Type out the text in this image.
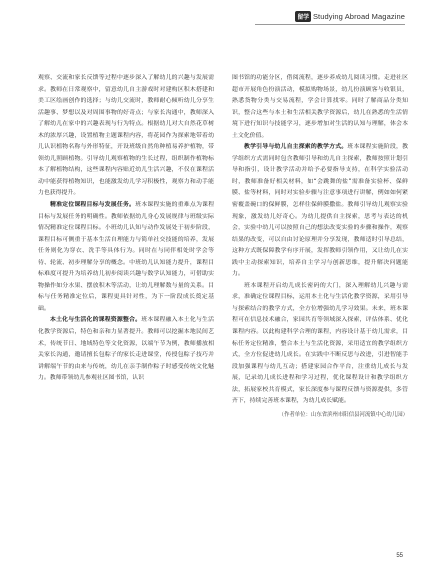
留学 Studying Abroad Magazine

观察、交流和家长反馈等过程中逐步深入了解幼儿的兴趣与发展需求。教师在日常观察中，留意幼儿自主游戏时对建构区积木搭建和美工区绘画创作的选择；与幼儿交流时，教师耐心倾听幼儿分享生活趣事、梦想以及对周围事物的好奇点；与家长沟通中，教师深入了解幼儿在家中的兴趣表现与行为特点。根据幼儿对大自然花草树木的浓厚兴趣，设置植物主题课程内容，将花园作为探索地带着幼儿认识植物名称与外形特征，开设班级自然角种植易养护植物，带领幼儿照顾植物。引导幼儿观察植物的生长过程，组织制作植物标本了解植物结构，这些课程内容贴近幼儿生活兴趣，不仅在课程活动中能获得植物知识，也能激发幼儿学习积极性，观察力和动手能力也获得提升。

精准定位课程目标与发展任务。班本课程实施的重难点为课程目标与发展任务的明确性。教师依据幼儿身心发展规律与班级实际情况精准定位课程目标。小班幼儿认知与动作发展处于初步阶段，课程目标可侧重于基本生活自理能力与简单社交技能的培养，发展任务则化为穿衣、洗手等具体行为。同时在与同伴相处时学会等待、轮流、初步理解分享的概念。中班幼儿认知能力提升，课程目标难度可提升为培养幼儿初步阅读兴趣与数学认知能力，可借助实物操作如分水果、摆放积木等活动，让幼儿理解数与量的关系。目标与任务精准定位后，课程更具针对性，为下一阶段成长奠定基础。

本土化与生活化的课程资源整合。班本课程融入本土化与生活化教学资源后，特色和亲和力显著提升。教师可以挖掘本地民间艺术，传统节日、地域特色等文化资源，以端午节为例，教师播放相关家长沟通，邀请擅长包粽子的家长走进课堂，传授包粽子技巧并讲解端午节的由来与传统，幼儿在亲手制作粽子时感受传统文化魅力。教师带领幼儿参观社区图书馆，认识

图书馆的功能分区，借阅流程，逐步养成幼儿阅读习惯。走进社区超市开展角色扮演活动，模拟购物场景，幼儿扮演顾客与收银员，熟悉货物分类与交易流程，学会计算找零。同时了解商品分类知识，整合这些与本土和生活相关教学资源后，幼儿在熟悉的生活情境下进行知识与技能学习，逐步增加对生活的认知与理解，体会本土文化价值。

教学引导与幼儿自主探索的教学方式。班本课程实施阶段，教学组织方式需同时包含教师引导和幼儿自主探索，教师按照计划引导和指引，设计教学活动并给予必要指导支持，在科学实验活动时，教师准备好相关材料，如“会跳舞的盐”需准备实验杯、保鲜膜、盐等材料，同时对实验步骤与注意事项进行讲解，例如如何紧密覆盖碗口的保鲜膜，怎样往保鲜膜撒盐。教师引导幼儿观察实验现象，激发幼儿好奇心。为幼儿提供自主探索，思考与表达的机会，实验中幼儿可以按照自己的想法改变实验的步骤和操作，观察结果的改变，可以自由讨论原理并分享发现，教师适时引导总结，这种方式既保障教学有序开展，发挥教师引领作用，又让幼儿在实践中主动探索知识，培养自主学习与创新思维，提升解决问题能力。

班本课程开启幼儿成长密码的大门，深入理解幼儿兴趣与需求，准确定位课程目标，运用本土化与生活化教学资源，采用引导与探索结合的教学方式，全方位增强幼儿学习效果。未来，班本课程可在信息技术融合，家园共育等领域深入探索，评估体系、优化课程内容。以此构建科学合理的课程，内容设计基于幼儿需求，目标任务定位精准，整合本土与生活化资源，采用适宜的教学组织方式，全方位促进幼儿成长。在实践中不断反思与改进，引进智能手段加强课程与幼儿互动；搭建家园合作平台，注重幼儿成长与发展，记录幼儿成长进程和学习过程，优化课程设计和教学组织方法，拓展家校共育模式，家长深度参与课程反馈与资源提供，多管齐下，持续完善班本课程，为幼儿成长赋能。

（作者单位：山东省滨州市阳信县河流镇中心幼儿园）
55
